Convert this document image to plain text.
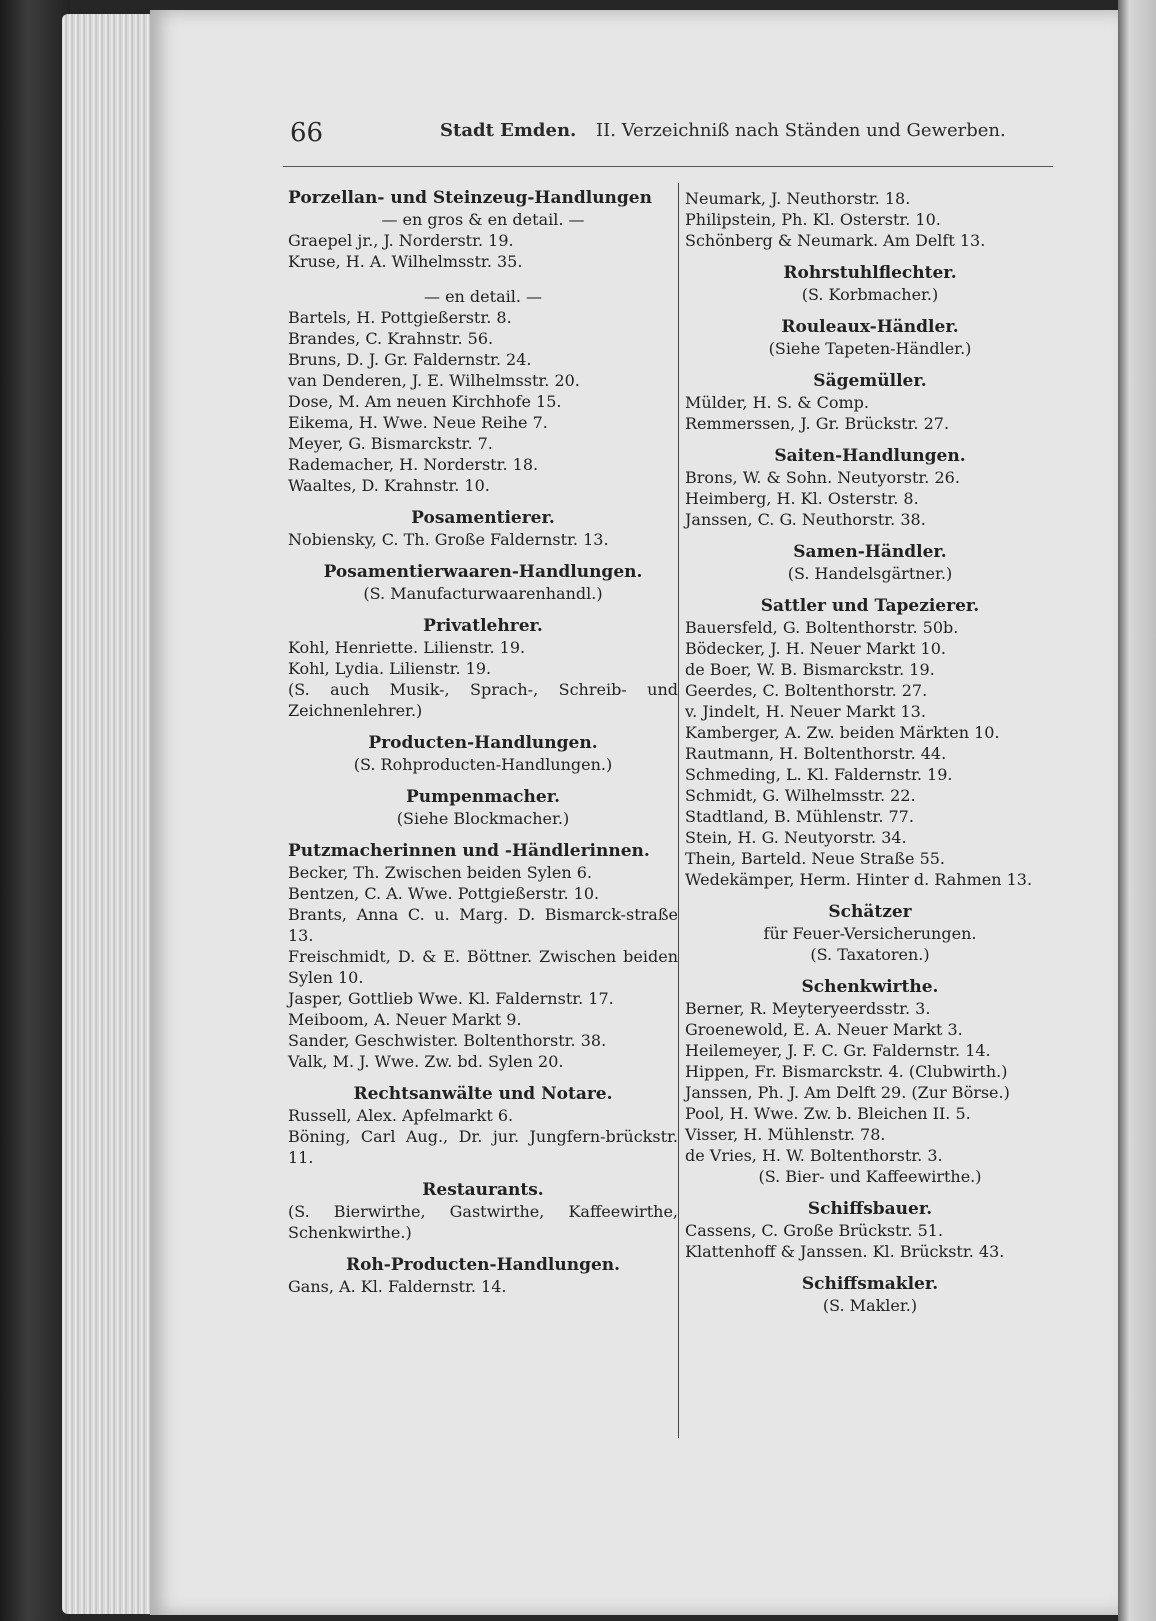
66	Stadt Emden. II. Verzeichniß nach Ständen und Gewerben.
Porzellan- und Steinzeug-Handlungen
— en gros & en detail. —
Graepel jr., J. Norderstr. 19.
Kruse, H. A. Wilhelmsstr. 35.
— en detail. —
Bartels, H. Pottgießerstr. 8.
Brandes, C. Krahnstr. 56.
Bruns, D. J. Gr. Faldernstr. 24.
van Denderen, J. E. Wilhelmsstr. 20.
Dose, M. Am neuen Kirchhofe 15.
Eikema, H. Wwe. Neue Reihe 7.
Meyer, G. Bismarckstr. 7.
Rademacher, H. Norderstr. 18.
Waaltes, D. Krahnstr. 10.
Posamentierer.
Nobiensky, C. Th. Große Faldernstr. 13.
Posamentierwaaren-Handlungen.
(S. Manufacturwaarenhandl.)
Privatlehrer.
Kohl, Henriette. Lilienstr. 19.
Kohl, Lydia. Lilienstr. 19.
(S. auch Musik-, Sprach-, Schreib- und Zeichnenlehrer.)
Producten-Handlungen.
(S. Rohproducten-Handlungen.)
Pumpenmacher.
(Siehe Blockmacher.)
Putzmacherinnen und -Händlerinnen.
Becker, Th. Zwischen beiden Sylen 6.
Bentzen, C. A. Wwe. Pottgießerstr. 10.
Brants, Anna C. u. Marg. D. Bismarck-straße 13.
Freischmidt, D. & E. Böttner. Zwischen beiden Sylen 10.
Jasper, Gottlieb Wwe. Kl. Faldernstr. 17.
Meiboom, A. Neuer Markt 9.
Sander, Geschwister. Boltenthorstr. 38.
Valk, M. J. Wwe. Zw. bd. Sylen 20.
Rechtsanwälte und Notare.
Russell, Alex. Apfelmarkt 6.
Böning, Carl Aug., Dr. jur. Jungfern-brückstr. 11.
Restaurants.
(S. Bierwirthe, Gastwirthe, Kaffeewirthe, Schenkwirthe.)
Roh-Producten-Handlungen.
Gans, A. Kl. Faldernstr. 14.
Neumark, J. Neuthorstr. 18.
Philipstein, Ph. Kl. Osterstr. 10.
Schönberg & Neumark. Am Delft 13.
Rohrstuhlflechter.
(S. Korbmacher.)
Rouleaux-Händler.
(Siehe Tapeten-Händler.)
Sägemüller.
Mülder, H. S. & Comp.
Remmerssen, J. Gr. Brückstr. 27.
Saiten-Handlungen.
Brons, W. & Sohn. Neutyorstr. 26.
Heimberg, H. Kl. Osterstr. 8.
Janssen, C. G. Neuthorstr. 38.
Samen-Händler.
(S. Handelsgärtner.)
Sattler und Tapezierer.
Bauersfeld, G. Boltenthorstr. 50b.
Bödecker, J. H. Neuer Markt 10.
de Boer, W. B. Bismarckstr. 19.
Geerdes, C. Boltenthorstr. 27.
v. Jindelt, H. Neuer Markt 13.
Kamberger, A. Zw. beiden Märkten 10.
Rautmann, H. Boltenthorstr. 44.
Schmeding, L. Kl. Faldernstr. 19.
Schmidt, G. Wilhelmsstr. 22.
Stadtland, B. Mühlenstr. 77.
Stein, H. G. Neutyorstr. 34.
Thein, Barteld. Neue Straße 55.
Wedekämper, Herm. Hinter d. Rahmen 13.
Schätzer
für Feuer-Versicherungen.
(S. Taxatoren.)
Schenkwirthe.
Berner, R. Meyteryeerdsstr. 3.
Groenewold, E. A. Neuer Markt 3.
Heilemeyer, J. F. C. Gr. Faldernstr. 14.
Hippen, Fr. Bismarckstr. 4. (Clubwirth.)
Janssen, Ph. J. Am Delft 29. (Zur Börse.)
Pool, H. Wwe. Zw. b. Bleichen II. 5.
Visser, H. Mühlenstr. 78.
de Vries, H. W. Boltenthorstr. 3.
(S. Bier- und Kaffeewirthe.)
Schiffsbauer.
Cassens, C. Große Brückstr. 51.
Klattenhoff & Janssen. Kl. Brückstr. 43.
Schiffsmakler.
(S. Makler.)
